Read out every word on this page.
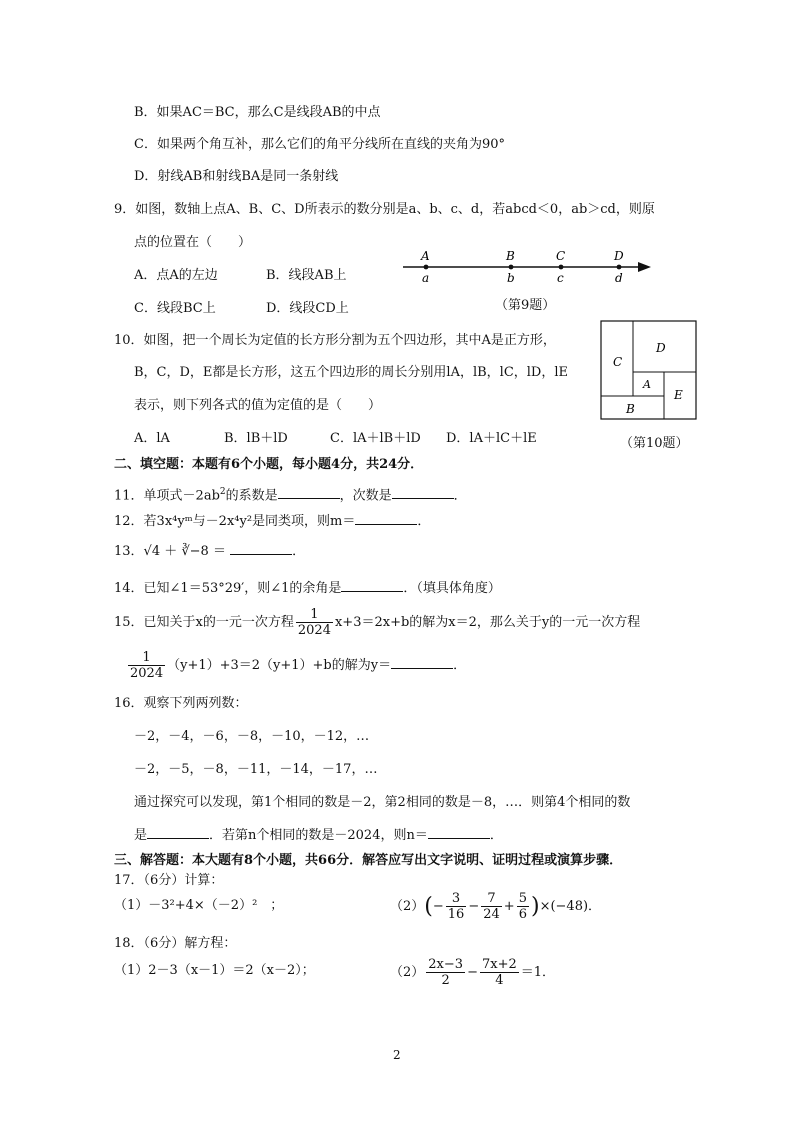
B．如果AC＝BC，那么C是线段AB的中点
C．如果两个角互补，那么它们的角平分线所在直线的夹角为90°
D．射线AB和射线BA是同一条射线
9．如图，数轴上点A、B、C、D所表示的数分别是a、b、c、d，若abcd＜0，ab＞cd，则原
点的位置在（　　）
A．点A的左边	B．线段AB上
C．线段BC上	D．线段CD上
A
a
B
b
C
c
D
d
（第9题）
10．如图，把一个周长为定值的长方形分割为五个四边形，其中A是正方形，
B，C，D，E都是长方形，这五个四边形的周长分别用lA，lB，lC，lD，lE
表示，则下列各式的值为定值的是（　　）
A．lA	B．lB＋lD	C．lA＋lB＋lD D．lA＋lC＋lE
C
D
A
B
E
（第10题）
二、填空题：本题有6个小题，每小题4分，共24分．
11．单项式$-2ab^2$的系数是	，次数是	．
12．若3x⁴yᵐ与－2x⁴y²是同类项，则m＝	．
13．√4 ＋ ∛−8 ＝	．
14．已知∠1＝53°29′，则∠1的余角是	．（填具体角度）
15．已知关于x的一元一次方程 $\frac{1}{2024} x+3=2x+b$的解为x＝2，那么关于y的一元一次方程
$\frac{1}{2024} (y+1)+3=2(y+1)+b$的解为y＝	．
16．观察下列两列数：
－2，－4，－6，－8，－10，－12，…
－2，－5，－8，－11，－14，－17，…
通过探究可以发现，第1个相同的数是－2，第2相同的数是－8，…．则第4个相同的数
是	．若第n个相同的数是－2024，则n＝	．
三、解答题：本大题有8个小题，共66分．解答应写出文字说明、证明过程或演算步骤．
17．（6分）计算：
（1）－3²+4×（－2）²　；	$(2)(- \frac{3}{16} - \frac{7}{24} + \frac{5}{6} )\times(-48)$．
18．（6分）解方程：
（1）2－3（x－1）＝2（x－2）；	$(2) \frac{2x-3}{2} - \frac{7x+2}{4} =1$．
2
